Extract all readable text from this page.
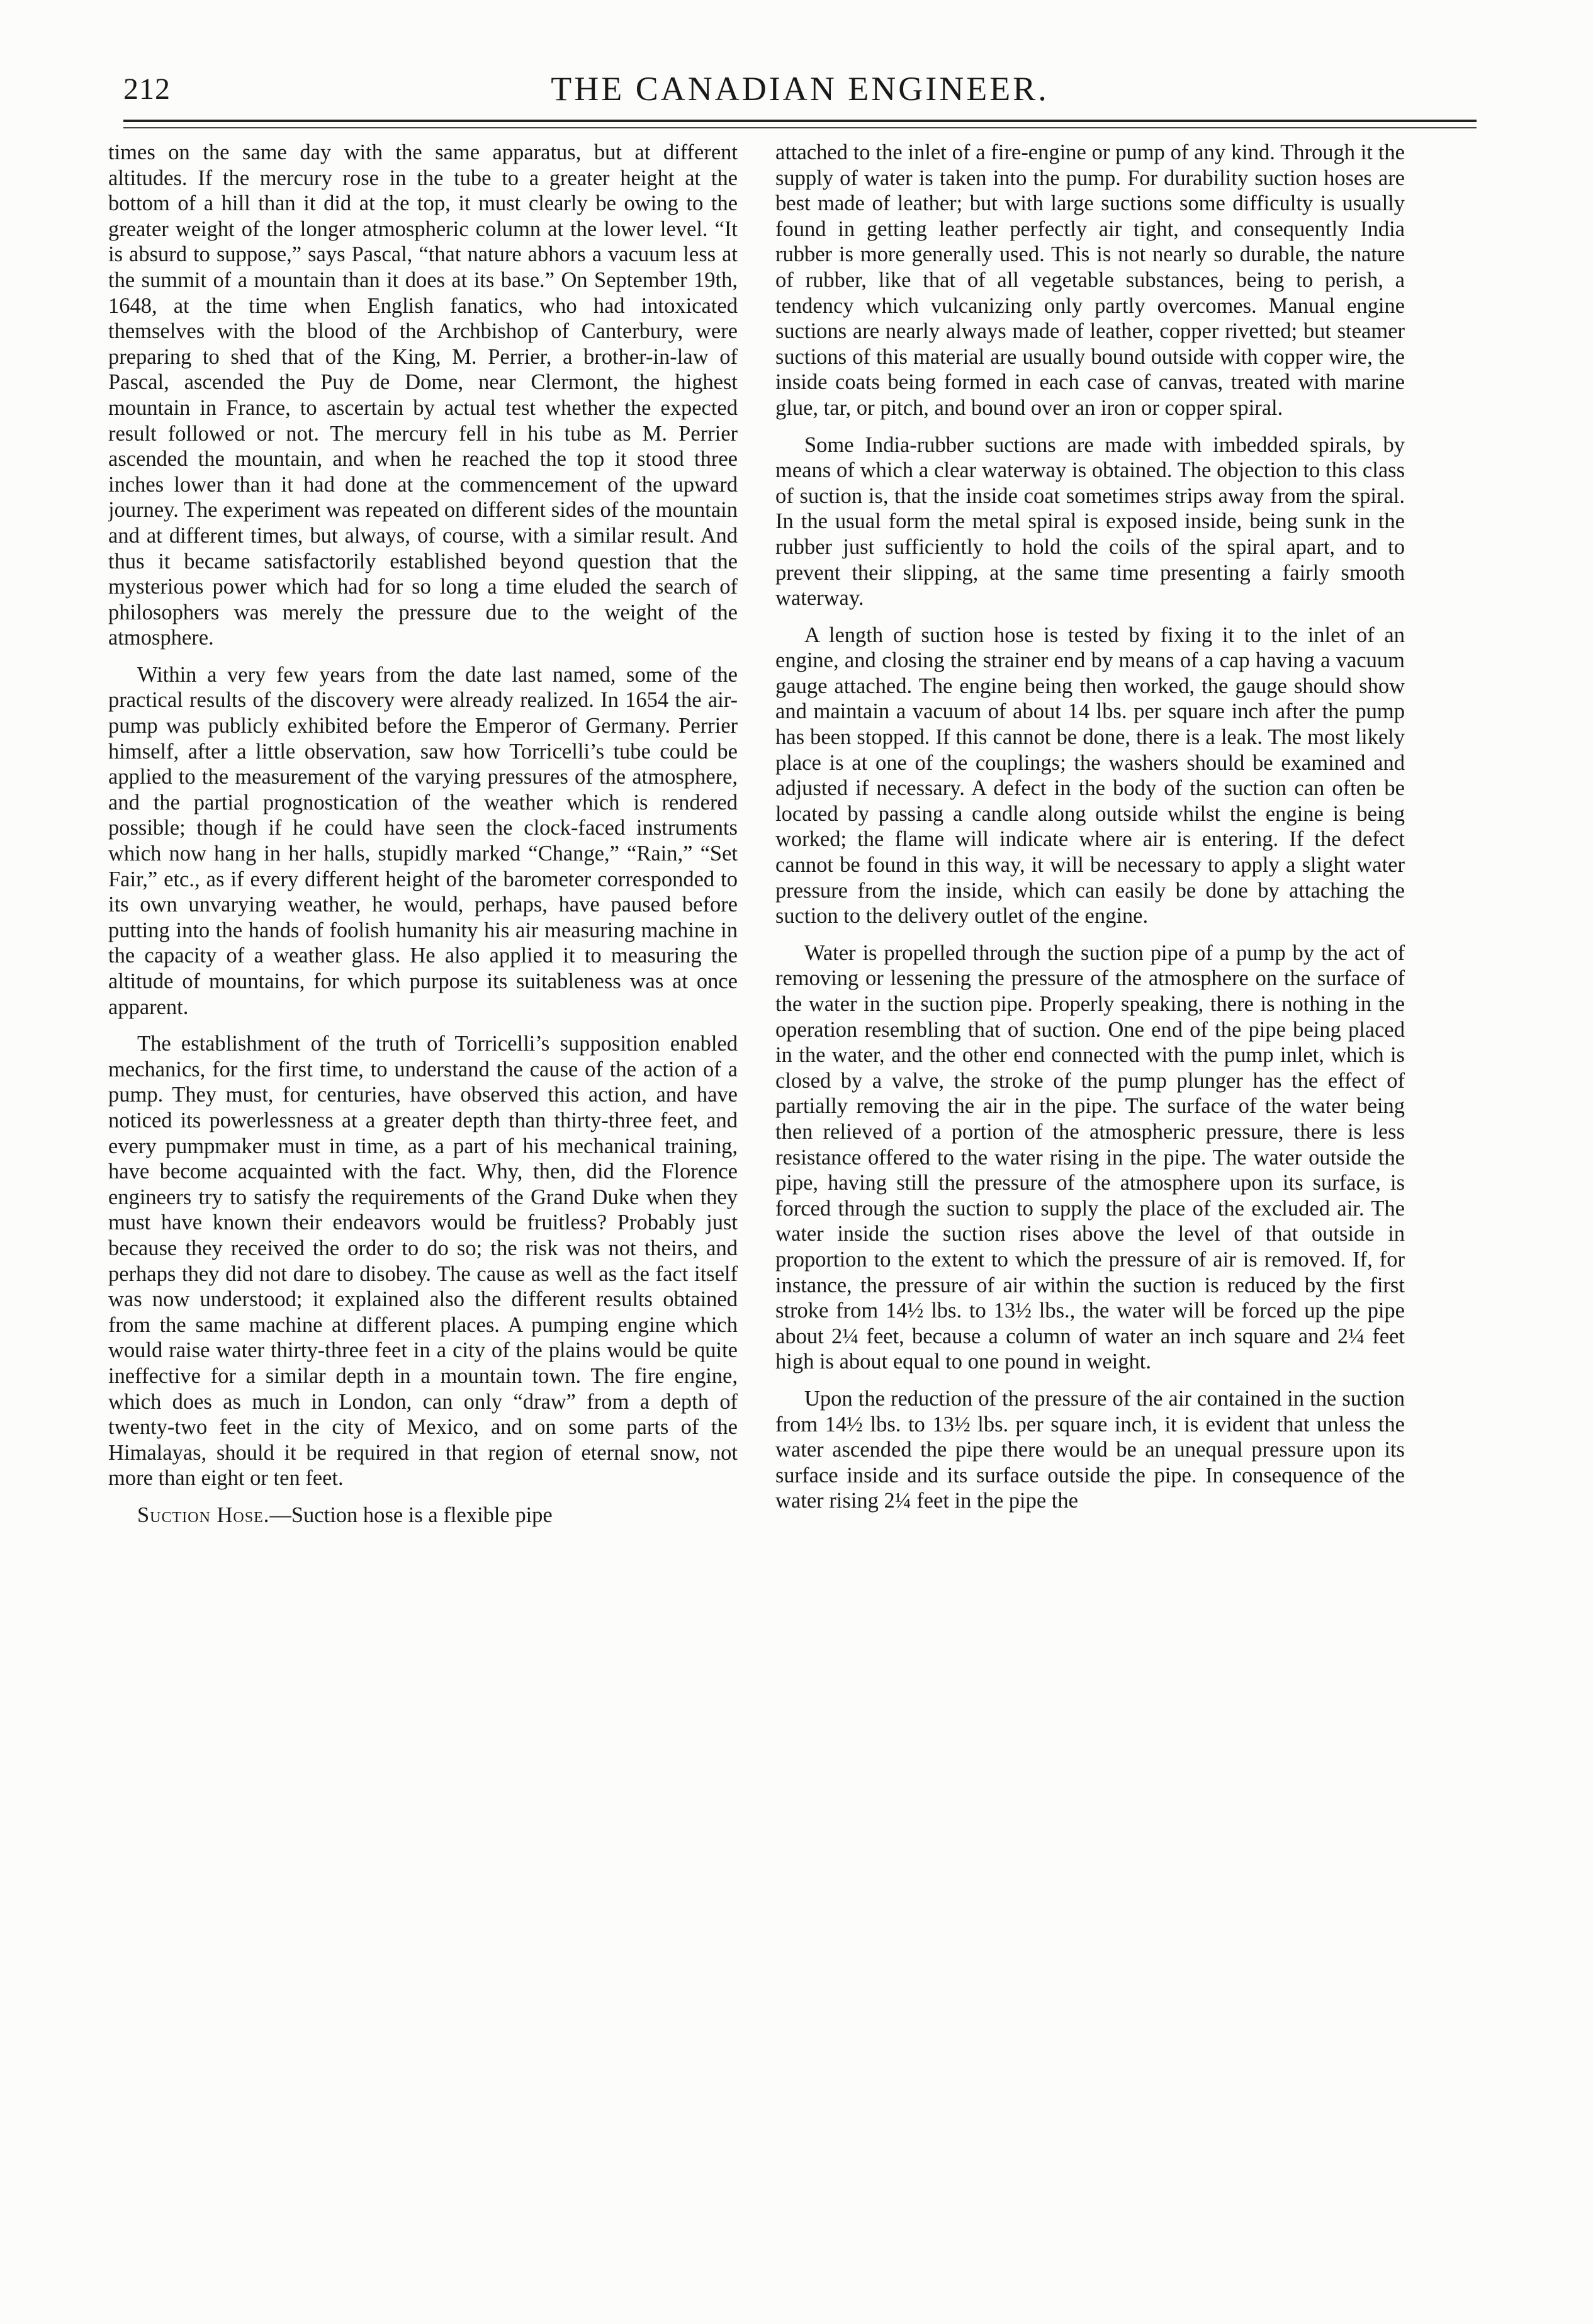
212	THE CANADIAN ENGINEER.

times on the same day with the same apparatus, but at different altitudes. If the mercury rose in the tube to a greater height at the bottom of a hill than it did at the top, it must clearly be owing to the greater weight of the longer atmospheric column at the lower level. “It is absurd to suppose,” says Pascal, “that nature abhors a vacuum less at the summit of a mountain than it does at its base.” On September 19th, 1648, at the time when English fanatics, who had intoxicated themselves with the blood of the Archbishop of Canterbury, were preparing to shed that of the King, M. Perrier, a brother-in-law of Pascal, ascended the Puy de Dome, near Clermont, the highest mountain in France, to ascertain by actual test whether the expected result followed or not. The mercury fell in his tube as M. Perrier ascended the mountain, and when he reached the top it stood three inches lower than it had done at the commencement of the upward journey. The experiment was repeated on different sides of the mountain and at different times, but always, of course, with a similar result. And thus it became satisfactorily established beyond question that the mysterious power which had for so long a time eluded the search of philosophers was merely the pressure due to the weight of the atmosphere.

Within a very few years from the date last named, some of the practical results of the discovery were already realized. In 1654 the air-pump was publicly exhibited before the Emperor of Germany. Perrier himself, after a little observation, saw how Torricelli’s tube could be applied to the measurement of the varying pressures of the atmosphere, and the partial prognostication of the weather which is rendered possible; though if he could have seen the clock-faced instruments which now hang in her halls, stupidly marked “Change,” “Rain,” “Set Fair,” etc., as if every different height of the barometer corresponded to its own unvarying weather, he would, perhaps, have paused before putting into the hands of foolish humanity his air measuring machine in the capacity of a weather glass. He also applied it to measuring the altitude of mountains, for which purpose its suitableness was at once apparent.

The establishment of the truth of Torricelli’s supposition enabled mechanics, for the first time, to understand the cause of the action of a pump. They must, for centuries, have observed this action, and have noticed its powerlessness at a greater depth than thirty-three feet, and every pumpmaker must in time, as a part of his mechanical training, have become acquainted with the fact. Why, then, did the Florence engineers try to satisfy the requirements of the Grand Duke when they must have known their endeavors would be fruitless? Probably just because they received the order to do so; the risk was not theirs, and perhaps they did not dare to disobey. The cause as well as the fact itself was now understood; it explained also the different results obtained from the same machine at different places. A pumping engine which would raise water thirty-three feet in a city of the plains would be quite ineffective for a similar depth in a mountain town. The fire engine, which does as much in London, can only “draw” from a depth of twenty-two feet in the city of Mexico, and on some parts of the Himalayas, should it be required in that region of eternal snow, not more than eight or ten feet.

Suction Hose.—Suction hose is a flexible pipe

attached to the inlet of a fire-engine or pump of any kind. Through it the supply of water is taken into the pump. For durability suction hoses are best made of leather; but with large suctions some difficulty is usually found in getting leather perfectly air tight, and consequently India rubber is more generally used. This is not nearly so durable, the nature of rubber, like that of all vegetable substances, being to perish, a tendency which vulcanizing only partly overcomes. Manual engine suctions are nearly always made of leather, copper rivetted; but steamer suctions of this material are usually bound outside with copper wire, the inside coats being formed in each case of canvas, treated with marine glue, tar, or pitch, and bound over an iron or copper spiral.

Some India-rubber suctions are made with imbedded spirals, by means of which a clear waterway is obtained. The objection to this class of suction is, that the inside coat sometimes strips away from the spiral. In the usual form the metal spiral is exposed inside, being sunk in the rubber just sufficiently to hold the coils of the spiral apart, and to prevent their slipping, at the same time presenting a fairly smooth waterway.

A length of suction hose is tested by fixing it to the inlet of an engine, and closing the strainer end by means of a cap having a vacuum gauge attached. The engine being then worked, the gauge should show and maintain a vacuum of about 14 lbs. per square inch after the pump has been stopped. If this cannot be done, there is a leak. The most likely place is at one of the couplings; the washers should be examined and adjusted if necessary. A defect in the body of the suction can often be located by passing a candle along outside whilst the engine is being worked; the flame will indicate where air is entering. If the defect cannot be found in this way, it will be necessary to apply a slight water pressure from the inside, which can easily be done by attaching the suction to the delivery outlet of the engine.

Water is propelled through the suction pipe of a pump by the act of removing or lessening the pressure of the atmosphere on the surface of the water in the suction pipe. Properly speaking, there is nothing in the operation resembling that of suction. One end of the pipe being placed in the water, and the other end connected with the pump inlet, which is closed by a valve, the stroke of the pump plunger has the effect of partially removing the air in the pipe. The surface of the water being then relieved of a portion of the atmospheric pressure, there is less resistance offered to the water rising in the pipe. The water outside the pipe, having still the pressure of the atmosphere upon its surface, is forced through the suction to supply the place of the excluded air. The water inside the suction rises above the level of that outside in proportion to the extent to which the pressure of air is removed. If, for instance, the pressure of air within the suction is reduced by the first stroke from 14½ lbs. to 13½ lbs., the water will be forced up the pipe about 2¼ feet, because a column of water an inch square and 2¼ feet high is about equal to one pound in weight.

Upon the reduction of the pressure of the air contained in the suction from 14½ lbs. to 13½ lbs. per square inch, it is evident that unless the water ascended the pipe there would be an unequal pressure upon its surface inside and its surface outside the pipe. In consequence of the water rising 2¼ feet in the pipe the
